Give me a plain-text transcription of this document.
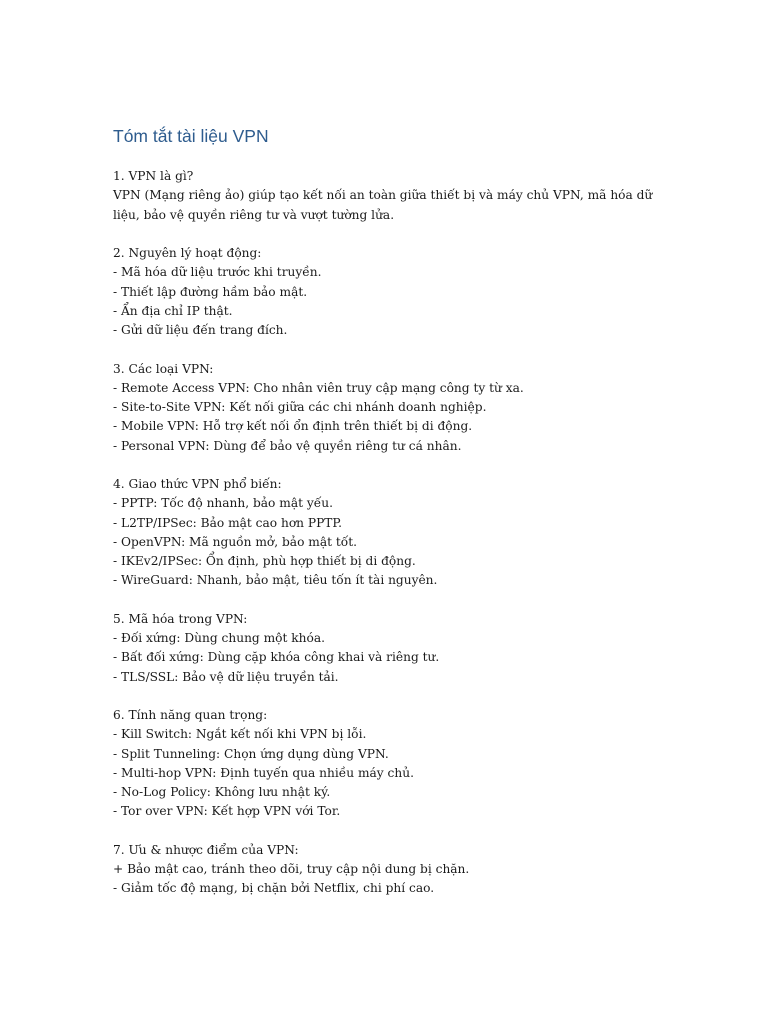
Tóm tắt tài liệu VPN

1. VPN là gì?

VPN (Mạng riêng ảo) giúp tạo kết nối an toàn giữa thiết bị và máy chủ VPN, mã hóa dữ

liệu, bảo vệ quyền riêng tư và vượt tường lửa.

2. Nguyên lý hoạt động:

- Mã hóa dữ liệu trước khi truyền.
- Thiết lập đường hầm bảo mật.
- Ẩn địa chỉ IP thật.
- Gửi dữ liệu đến trang đích.

3. Các loại VPN:

- Remote Access VPN: Cho nhân viên truy cập mạng công ty từ xa.
- Site-to-Site VPN: Kết nối giữa các chi nhánh doanh nghiệp.
- Mobile VPN: Hỗ trợ kết nối ổn định trên thiết bị di động.
- Personal VPN: Dùng để bảo vệ quyền riêng tư cá nhân.

4. Giao thức VPN phổ biến:

- PPTP: Tốc độ nhanh, bảo mật yếu.
- L2TP/IPSec: Bảo mật cao hơn PPTP.
- OpenVPN: Mã nguồn mở, bảo mật tốt.
- IKEv2/IPSec: Ổn định, phù hợp thiết bị di động.
- WireGuard: Nhanh, bảo mật, tiêu tốn ít tài nguyên.

5. Mã hóa trong VPN:

- Đối xứng: Dùng chung một khóa.
- Bất đối xứng: Dùng cặp khóa công khai và riêng tư.
- TLS/SSL: Bảo vệ dữ liệu truyền tải.

6. Tính năng quan trọng:

- Kill Switch: Ngắt kết nối khi VPN bị lỗi.
- Split Tunneling: Chọn ứng dụng dùng VPN.
- Multi-hop VPN: Định tuyến qua nhiều máy chủ.
- No-Log Policy: Không lưu nhật ký.
- Tor over VPN: Kết hợp VPN với Tor.

7. Ưu & nhược điểm của VPN:

+ Bảo mật cao, tránh theo dõi, truy cập nội dung bị chặn.
- Giảm tốc độ mạng, bị chặn bởi Netflix, chi phí cao.
